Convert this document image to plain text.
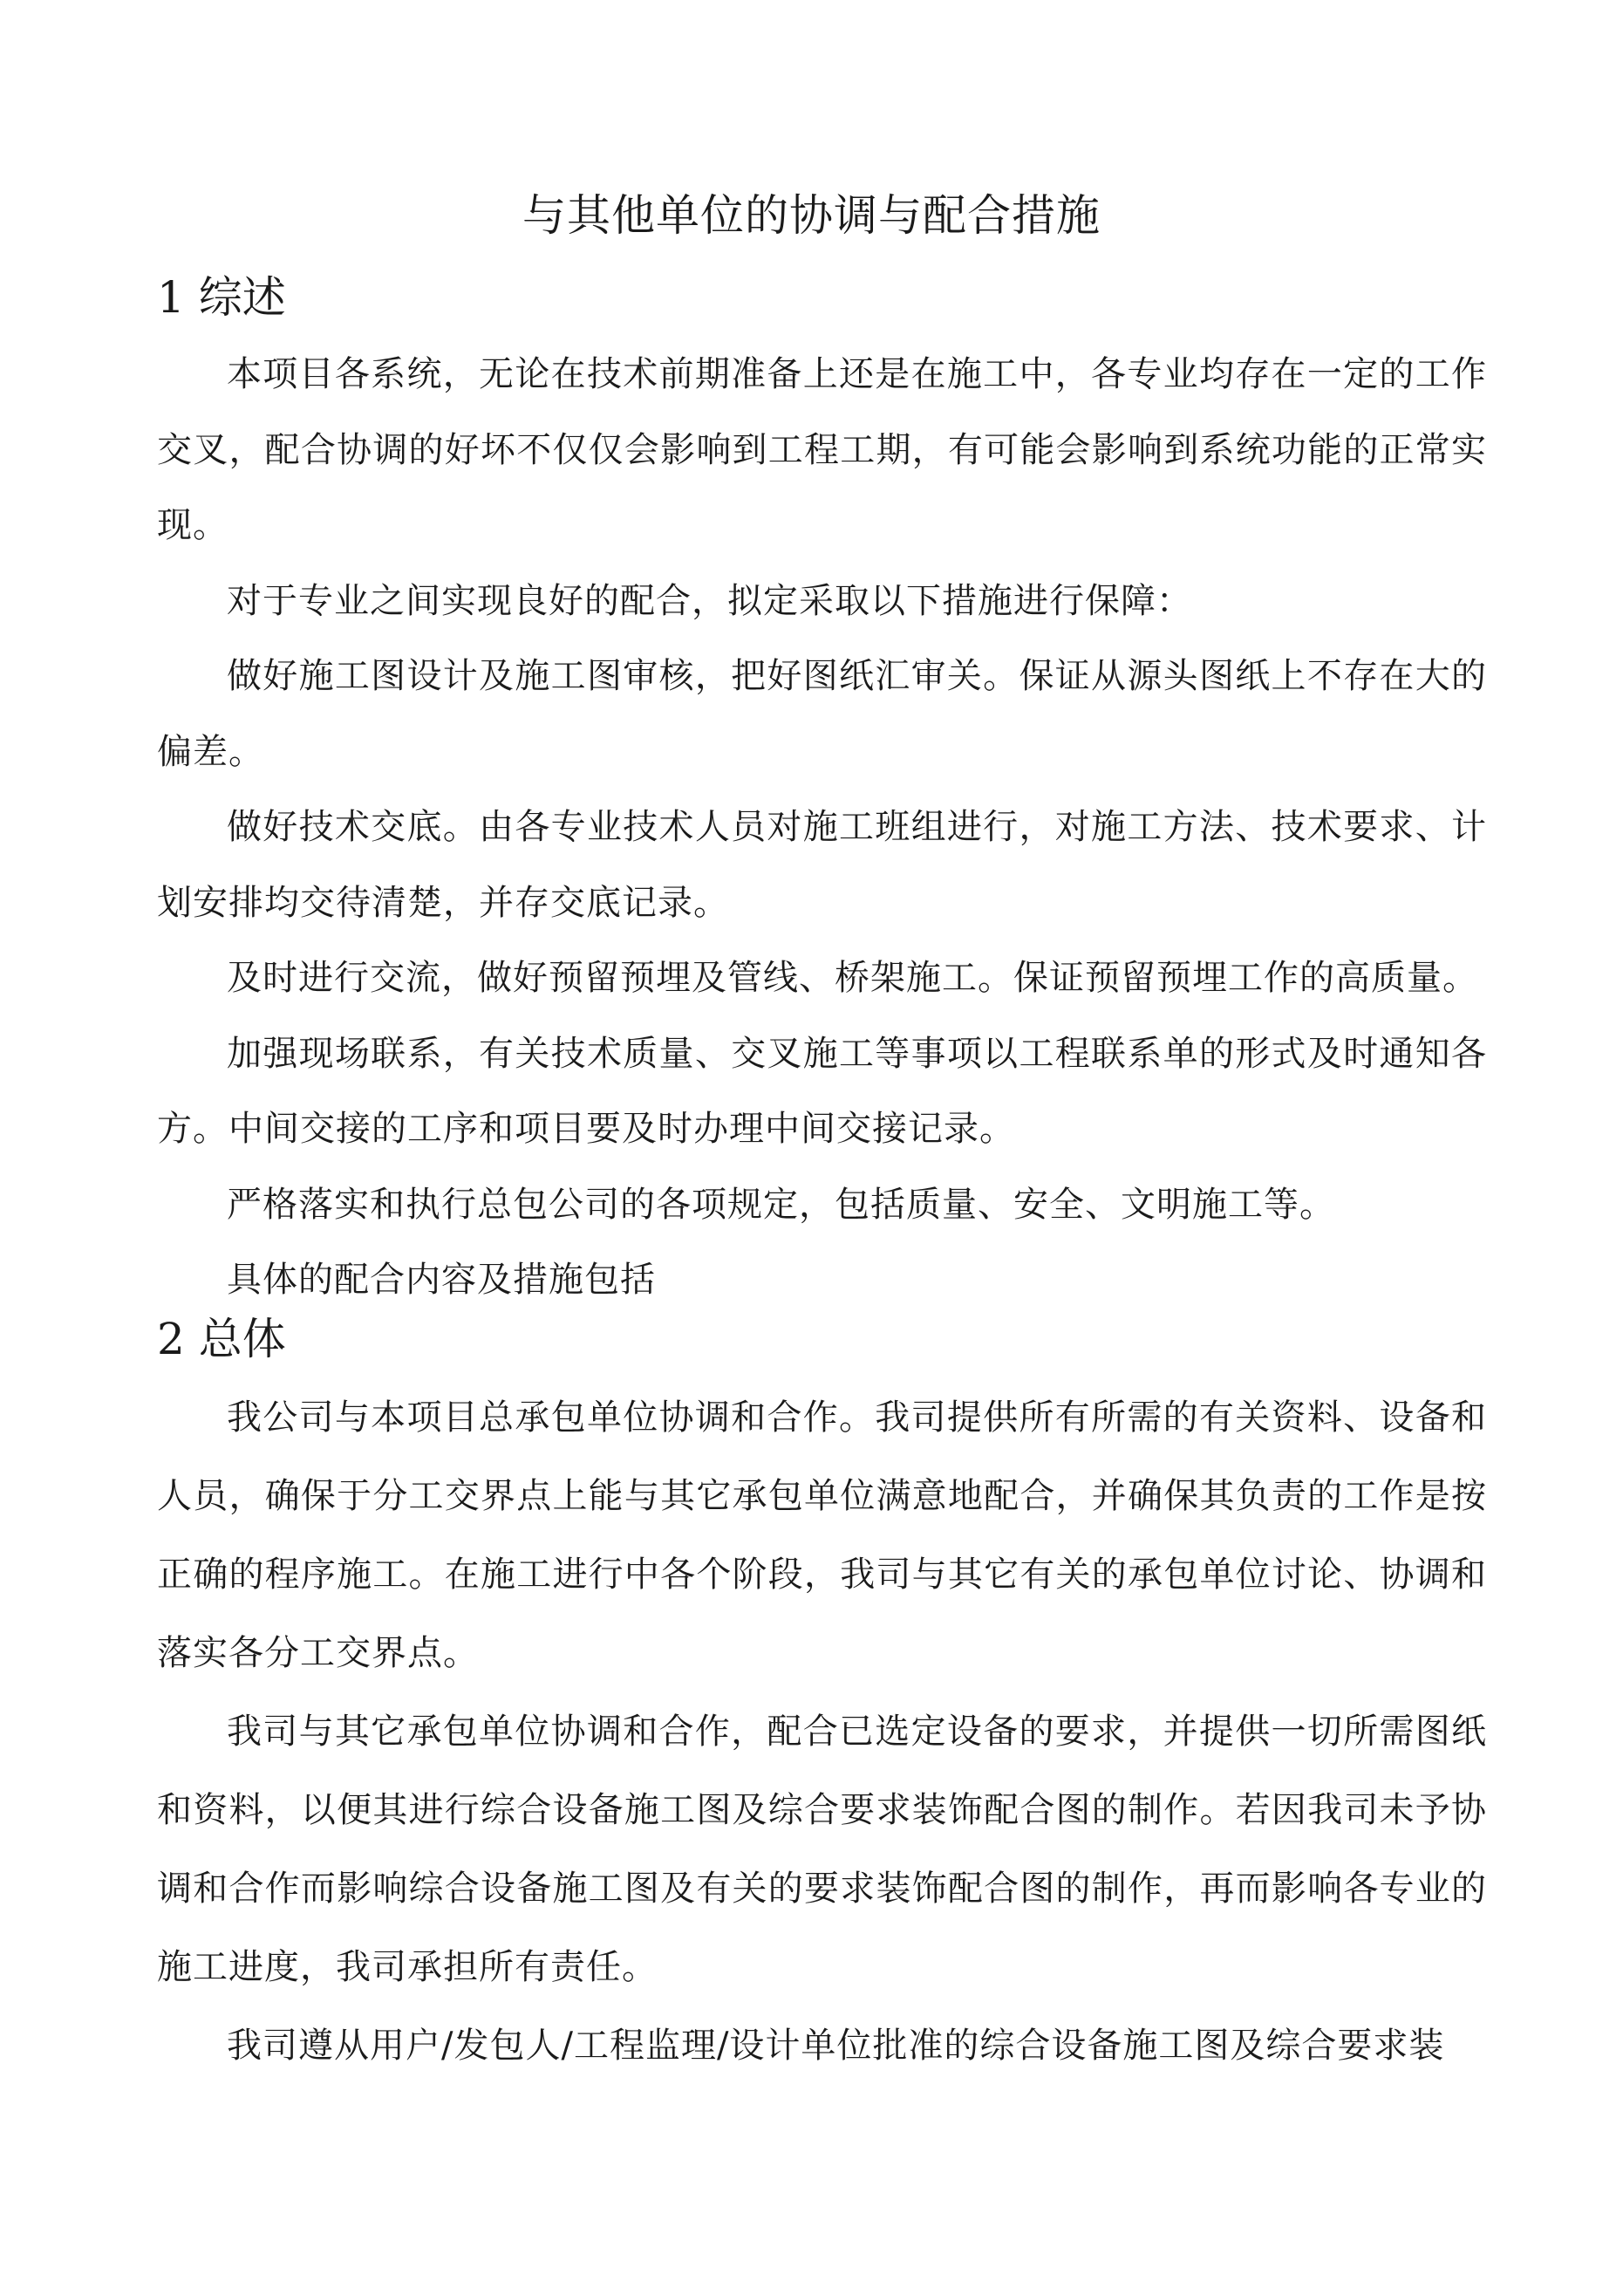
与其他单位的协调与配合措施
1 综述

本项目各系统，无论在技术前期准备上还是在施工中，各专业均存在一定的工作交叉，配合协调的好坏不仅仅会影响到工程工期，有可能会影响到系统功能的正常实现。

对于专业之间实现良好的配合，拟定采取以下措施进行保障：

做好施工图设计及施工图审核，把好图纸汇审关。保证从源头图纸上不存在大的偏差。

做好技术交底。由各专业技术人员对施工班组进行，对施工方法、技术要求、计划安排均交待清楚，并存交底记录。

及时进行交流，做好预留预埋及管线、桥架施工。保证预留预埋工作的高质量。

加强现场联系，有关技术质量、交叉施工等事项以工程联系单的形式及时通知各方。中间交接的工序和项目要及时办理中间交接记录。

严格落实和执行总包公司的各项规定，包括质量、安全、文明施工等。

具体的配合内容及措施包括

2 总体

我公司与本项目总承包单位协调和合作。我司提供所有所需的有关资料、设备和人员，确保于分工交界点上能与其它承包单位满意地配合，并确保其负责的工作是按正确的程序施工。在施工进行中各个阶段，我司与其它有关的承包单位讨论、协调和落实各分工交界点。

我司与其它承包单位协调和合作，配合已选定设备的要求，并提供一切所需图纸和资料，以便其进行综合设备施工图及综合要求装饰配合图的制作。若因我司未予协调和合作而影响综合设备施工图及有关的要求装饰配合图的制作，再而影响各专业的施工进度，我司承担所有责任。

我司遵从用户/发包人/工程监理/设计单位批准的综合设备施工图及综合要求装
